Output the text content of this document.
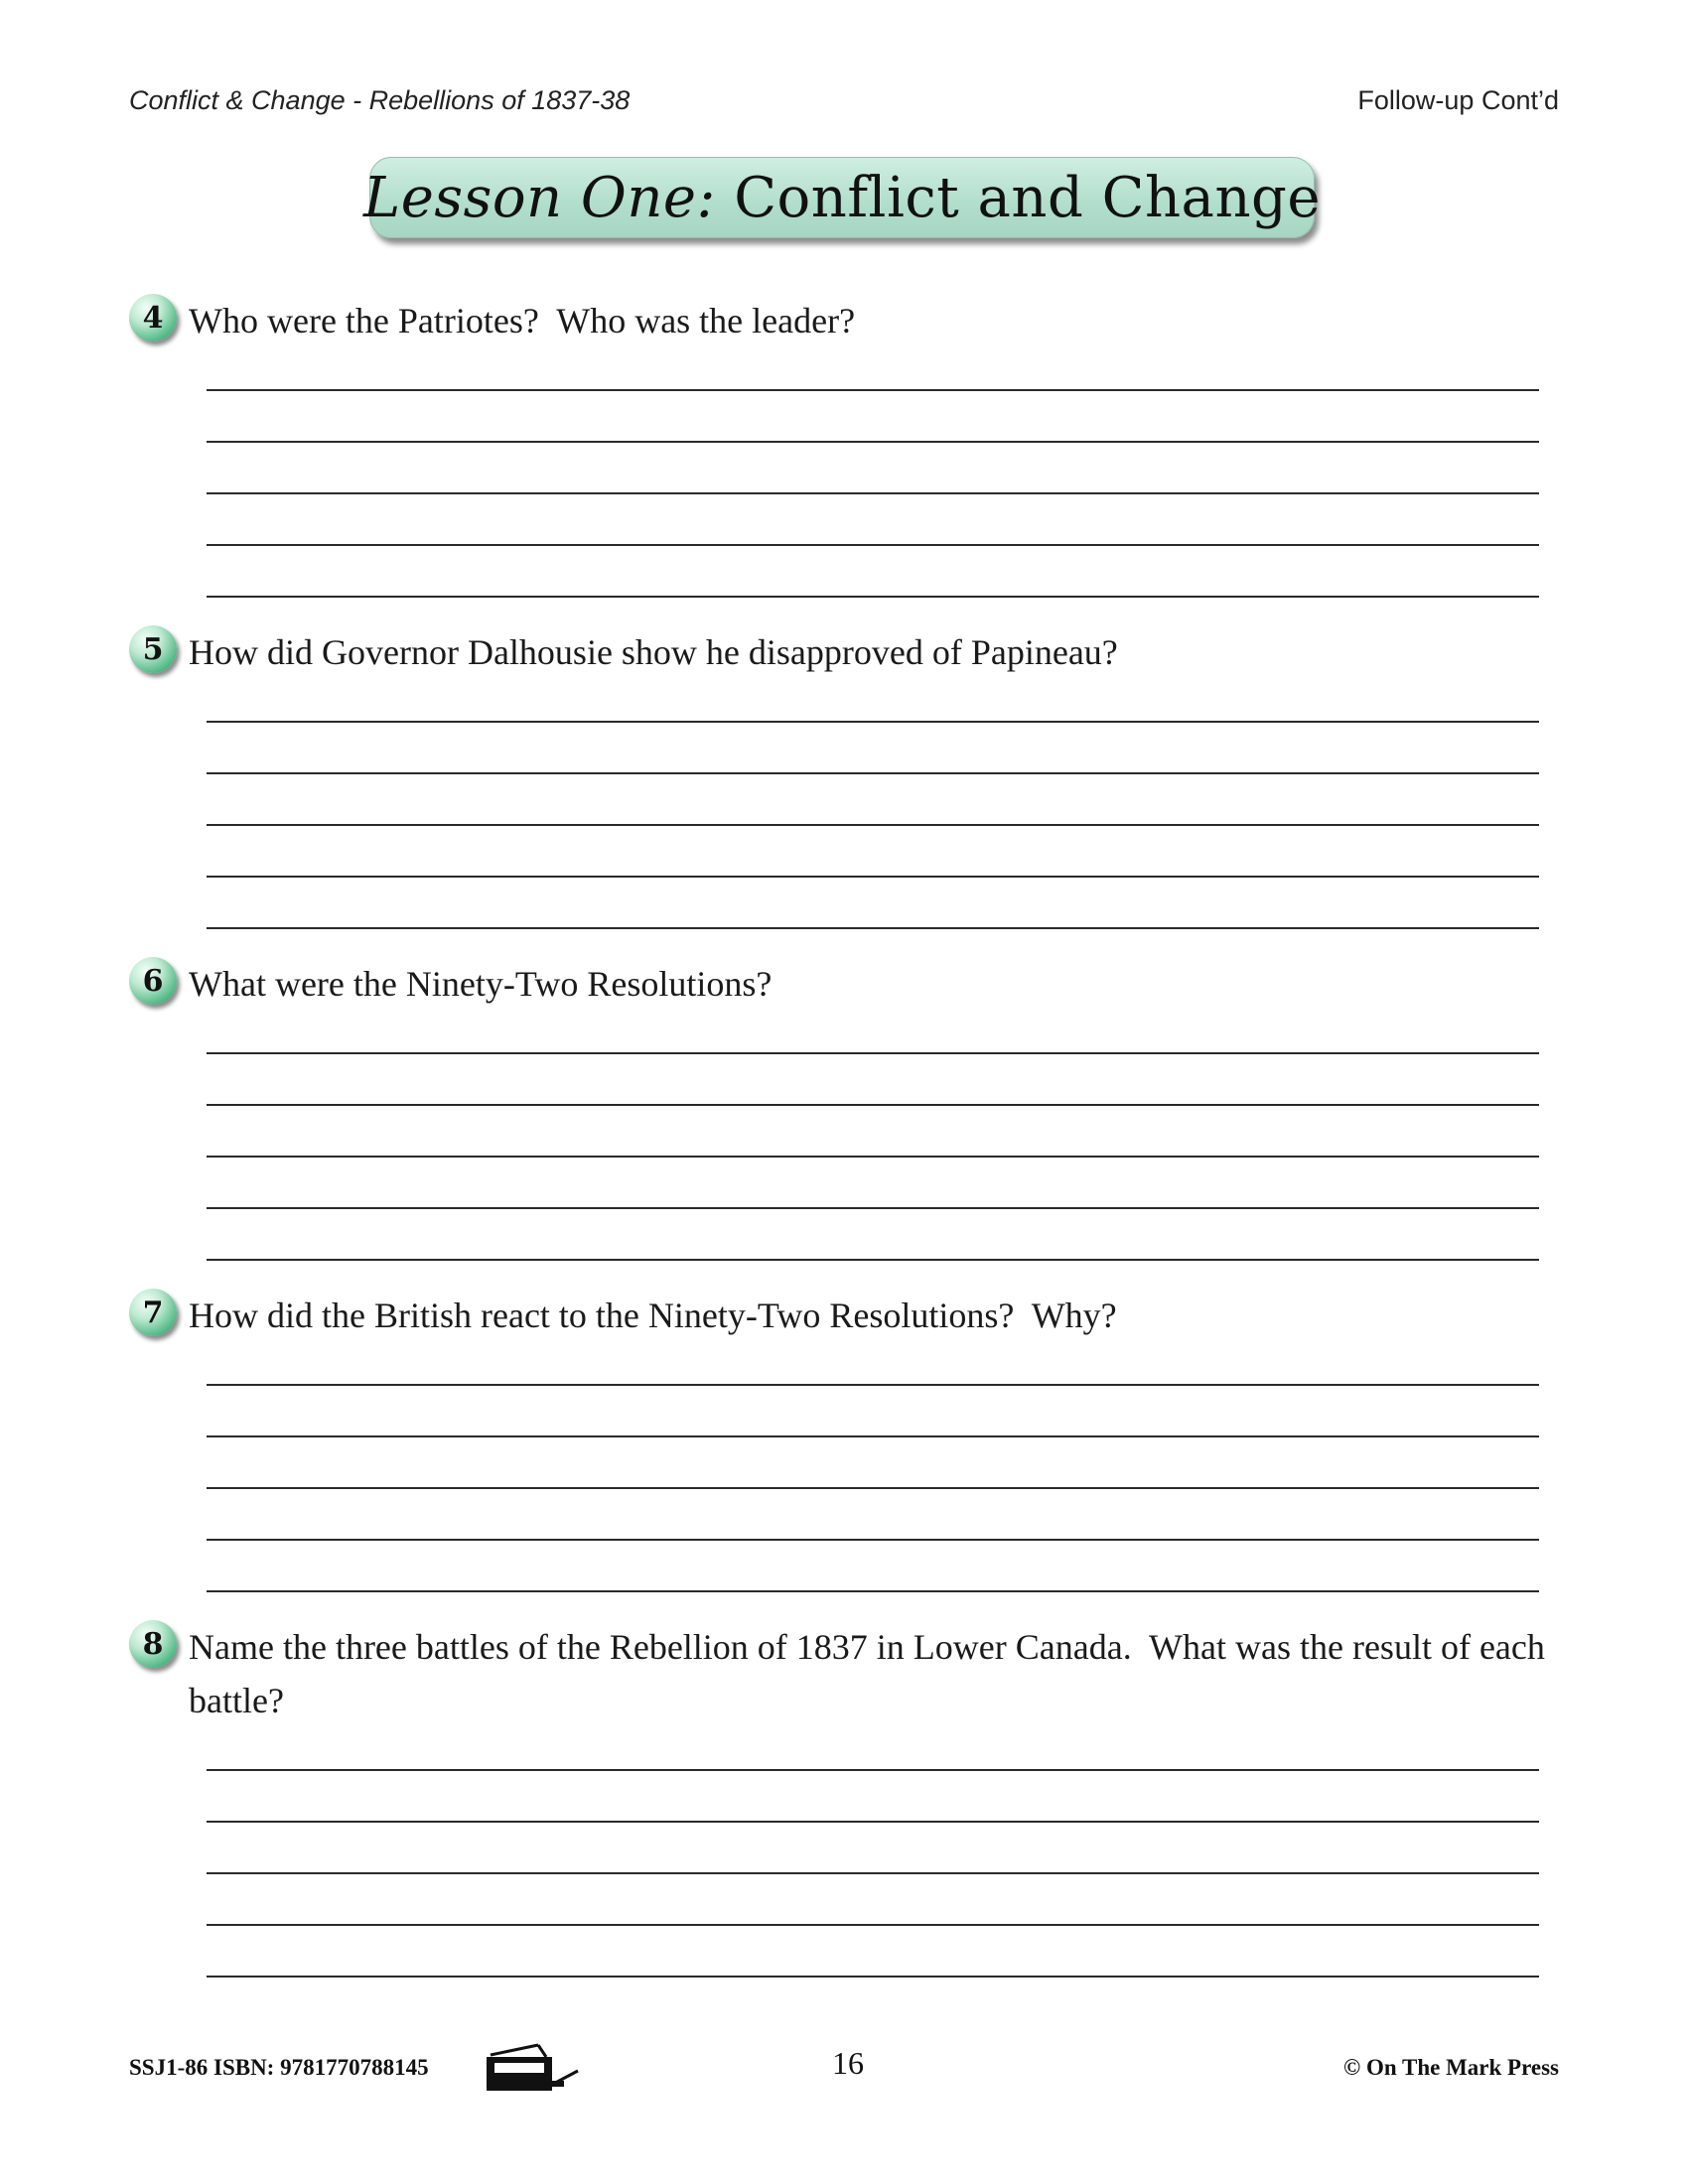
Conflict & Change - Rebellions of 1837-38	Follow-up Cont’d
Lesson One: Conflict and Change
4 Who were the Patriotes?  Who was the leader?
5 How did Governor Dalhousie show he disapproved of Papineau?
6 What were the Ninety-Two Resolutions?
7 How did the British react to the Ninety-Two Resolutions?  Why?
8 Name the three battles of the Rebellion of 1837 in Lower Canada.  What was the result of each battle?
SSJ1-86 ISBN: 9781770788145	16	© On The Mark Press
